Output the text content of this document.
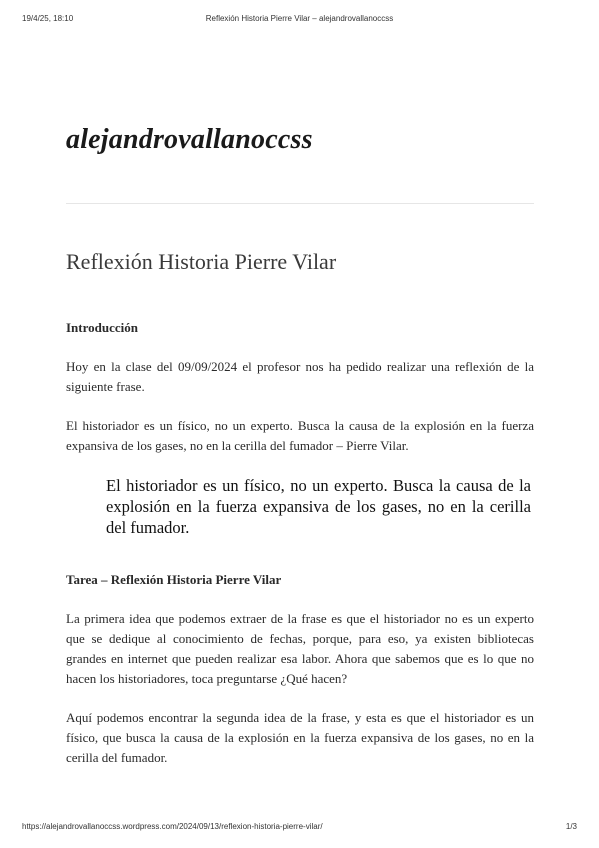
19/4/25, 18:10	Reflexión Historia Pierre Vilar – alejandrovallanoccss
alejandrovallanoccss
Reflexión Historia Pierre Vilar
Introducción

Hoy en la clase del 09/09/2024 el profesor nos ha pedido realizar una reflexión de la siguiente frase.

El historiador es un físico, no un experto. Busca la causa de la explosión en la fuerza expansiva de los gases, no en la cerilla del fumador – Pierre Vilar.

El historiador es un físico, no un experto. Busca la causa de la explosión en la fuerza expansiva de los gases, no en la cerilla del fumador.
Tarea – Reflexión Historia Pierre Vilar

La primera idea que podemos extraer de la frase es que el historiador no es un experto que se dedique al conocimiento de fechas, porque, para eso, ya existen bibliotecas grandes en internet que pueden realizar esa labor. Ahora que sabemos que es lo que no hacen los historiadores, toca preguntarse ¿Qué hacen?

Aquí podemos encontrar la segunda idea de la frase, y esta es que el historiador es un físico, que busca la causa de la explosión en la fuerza expansiva de los gases, no en la cerilla del fumador.

https://alejandrovallanoccss.wordpress.com/2024/09/13/reflexion-historia-pierre-vilar/	1/3
